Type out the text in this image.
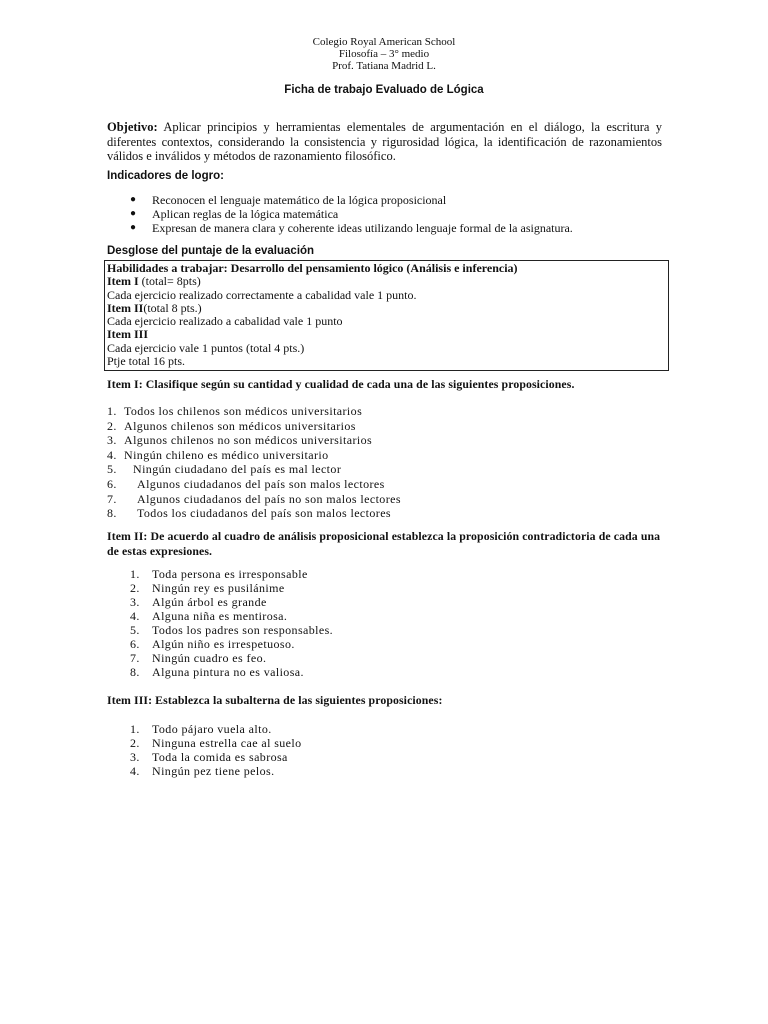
Colegio Royal American School
Filosofía – 3° medio
Prof. Tatiana Madrid L.
Ficha de trabajo Evaluado de Lógica
Objetivo: Aplicar principios y herramientas elementales de argumentación en el diálogo, la escritura y diferentes contextos, considerando la consistencia y rigurosidad lógica, la identificación de razonamientos válidos e inválidos y métodos de razonamiento filosófico.
Indicadores de logro:
● Reconocen el lenguaje matemático de la lógica proposicional
● Aplican reglas de la lógica matemática
● Expresan de manera clara y coherente ideas utilizando lenguaje formal de la asignatura.
Desglose del puntaje de la evaluación
Habilidades a trabajar: Desarrollo del pensamiento lógico (Análisis e inferencia)
Item I (total= 8pts)
Cada ejercicio realizado correctamente a cabalidad vale 1 punto.
Item II(total 8 pts.)
Cada ejercicio realizado a cabalidad vale 1 punto
Item III
Cada ejercicio vale 1 puntos (total 4 pts.)
Ptje total 16 pts.
Item I: Clasifique según su cantidad y cualidad de cada una de las siguientes proposiciones.
1. Todos los chilenos son médicos universitarios
2. Algunos chilenos son médicos universitarios
3. Algunos chilenos no son médicos universitarios
4. Ningún chileno es médico universitario
5. Ningún ciudadano del país es mal lector
6. Algunos ciudadanos del país son malos lectores
7. Algunos ciudadanos del país no son malos lectores
8. Todos los ciudadanos del país son malos lectores
Item II: De acuerdo al cuadro de análisis proposicional establezca la proposición contradictoria de cada una de estas expresiones.
1. Toda persona es irresponsable
2. Ningún rey es pusilánime
3. Algún árbol es grande
4. Alguna niña es mentirosa.
5. Todos los padres son responsables.
6. Algún niño es irrespetuoso.
7. Ningún cuadro es feo.
8. Alguna pintura no es valiosa.
Item III: Establezca la subalterna de las siguientes proposiciones:
1. Todo pájaro vuela alto.
2. Ninguna estrella cae al suelo
3. Toda la comida es sabrosa
4. Ningún pez tiene pelos.
